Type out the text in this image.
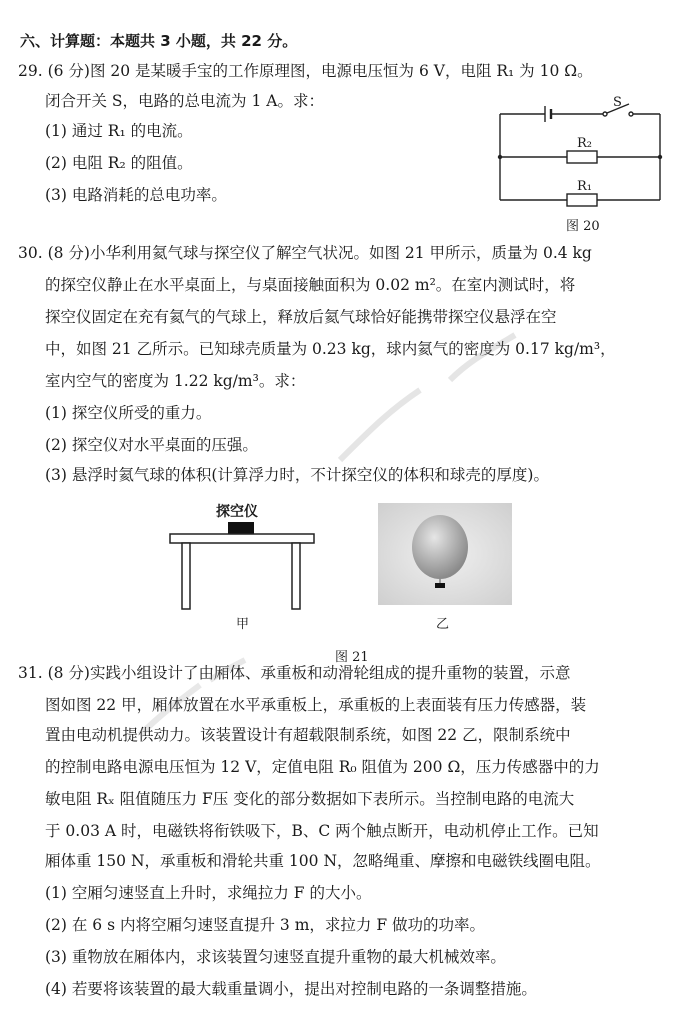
六、计算题：本题共 3 小题，共 22 分。
29. (6 分)图 20 是某暖手宝的工作原理图，电源电压恒为 6 V，电阻 R₁ 为 10 Ω。
闭合开关 S，电路的总电流为 1 A。求：
(1) 通过 R₁ 的电流。
(2) 电阻 R₂ 的阻值。
(3) 电路消耗的总电功率。
S
R₂
R₁
图 20
30. (8 分)小华利用氦气球与探空仪了解空气状况。如图 21 甲所示，质量为 0.4 kg
的探空仪静止在水平桌面上，与桌面接触面积为 0.02 m²。在室内测试时，将
探空仪固定在充有氦气的气球上，释放后氦气球恰好能携带探空仪悬浮在空
中，如图 21 乙所示。已知球壳质量为 0.23 kg，球内氦气的密度为 0.17 kg/m³，
室内空气的密度为 1.22 kg/m³。求：
(1) 探空仪所受的重力。
(2) 探空仪对水平桌面的压强。
(3) 悬浮时氦气球的体积(计算浮力时，不计探空仪的体积和球壳的厚度)。
探空仪
甲	乙
图 21
31. (8 分)实践小组设计了由厢体、承重板和动滑轮组成的提升重物的装置，示意
图如图 22 甲，厢体放置在水平承重板上，承重板的上表面装有压力传感器，装
置由电动机提供动力。该装置设计有超载限制系统，如图 22 乙，限制系统中
的控制电路电源电压恒为 12 V，定值电阻 R₀ 阻值为 200 Ω，压力传感器中的力
敏电阻 Rₓ 阻值随压力 F压 变化的部分数据如下表所示。当控制电路的电流大
于 0.03 A 时，电磁铁将衔铁吸下，B、C 两个触点断开，电动机停止工作。已知
厢体重 150 N，承重板和滑轮共重 100 N，忽略绳重、摩擦和电磁铁线圈电阻。
(1) 空厢匀速竖直上升时，求绳拉力 F 的大小。
(2) 在 6 s 内将空厢匀速竖直提升 3 m，求拉力 F 做功的功率。
(3) 重物放在厢体内，求该装置匀速竖直提升重物的最大机械效率。
(4) 若要将该装置的最大载重量调小，提出对控制电路的一条调整措施。
